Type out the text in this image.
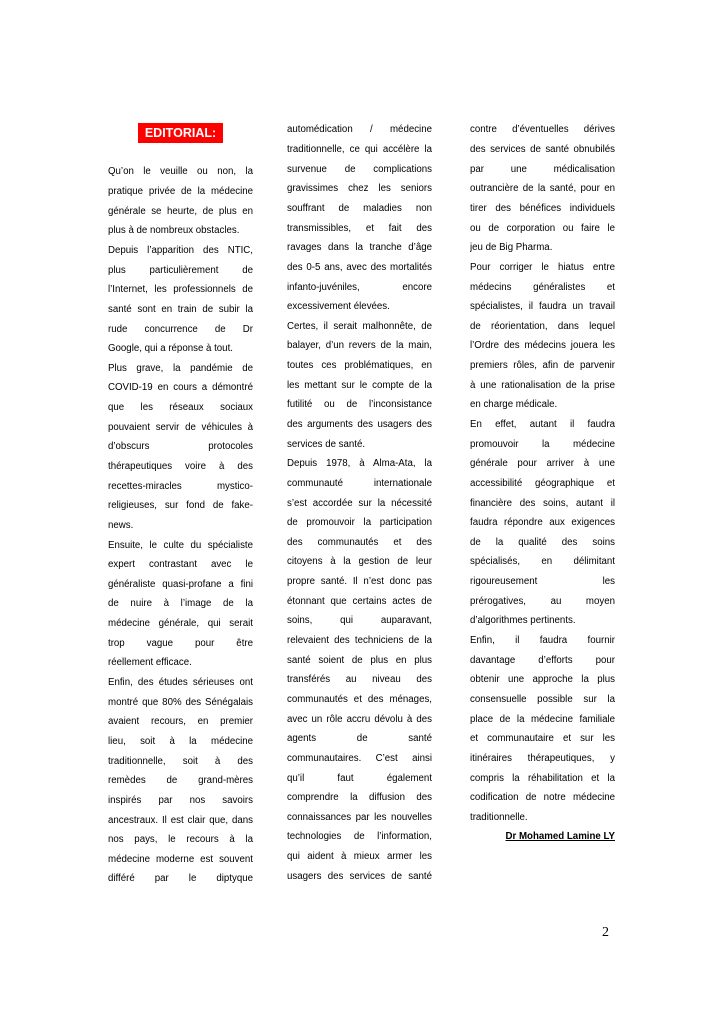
EDITORIAL:
Qu’on le veuille ou non, la
pratique privée de la médecine
générale se heurte, de plus en
plus à de nombreux obstacles.
Depuis l’apparition des NTIC,
plus particulièrement de
l’Internet, les professionnels de
santé sont en train de subir la
rude concurrence de Dr
Google, qui a réponse à tout.
Plus grave, la pandémie de
COVID-19 en cours a démontré
que les réseaux sociaux
pouvaient servir de véhicules à
d’obscurs protocoles
thérapeutiques voire à des
recettes-miracles mystico-
religieuses, sur fond de fake-
news.
Ensuite, le culte du spécialiste
expert contrastant avec le
généraliste quasi-profane a fini
de nuire à l’image de la
médecine générale, qui serait
trop vague pour être
réellement efficace.
Enfin, des études sérieuses ont
montré que 80% des Sénégalais
avaient recours, en premier
lieu, soit à la médecine
traditionnelle, soit à des
remèdes de grand-mères
inspirés par nos savoirs
ancestraux. Il est clair que, dans
nos pays, le recours à la
médecine moderne est souvent
différé par le diptyque
automédication / médecine
traditionnelle, ce qui accélère la
survenue de complications
gravissimes chez les seniors
souffrant de maladies non
transmissibles, et fait des
ravages dans la tranche d’âge
des 0-5 ans, avec des mortalités
infanto-juvéniles, encore
excessivement élevées.
Certes, il serait malhonnête, de
balayer, d’un revers de la main,
toutes ces problématiques, en
les mettant sur le compte de la
futilité ou de l’inconsistance
des arguments des usagers des
services de santé.
Depuis 1978, à Alma-Ata, la
communauté internationale
s’est accordée sur la nécessité
de promouvoir la participation
des communautés et des
citoyens à la gestion de leur
propre santé. Il n’est donc pas
étonnant que certains actes de
soins, qui auparavant,
relevaient des techniciens de la
santé soient de plus en plus
transférés au niveau des
communautés et des ménages,
avec un rôle accru dévolu à des
agents de santé
communautaires. C’est ainsi
qu’il faut également
comprendre la diffusion des
connaissances par les nouvelles
technologies de l’information,
qui aident à mieux armer les
usagers des services de santé
contre d’éventuelles dérives
des services de santé obnubilés
par une médicalisation
outrancière de la santé, pour en
tirer des bénéfices individuels
ou de corporation ou faire le
jeu de Big Pharma.
Pour corriger le hiatus entre
médecins généralistes et
spécialistes, il faudra un travail
de réorientation, dans lequel
l’Ordre des médecins jouera les
premiers rôles, afin de parvenir
à une rationalisation de la prise
en charge médicale.
En effet, autant il faudra
promouvoir la médecine
générale pour arriver à une
accessibilité géographique et
financière des soins, autant il
faudra répondre aux exigences
de la qualité des soins
spécialisés, en délimitant
rigoureusement les
prérogatives, au moyen
d’algorithmes pertinents.
Enfin, il faudra fournir
davantage d’efforts pour
obtenir une approche la plus
consensuelle possible sur la
place de la médecine familiale
et communautaire et sur les
itinéraires thérapeutiques, y
compris la réhabilitation et la
codification de notre médecine
traditionnelle.
Dr Mohamed Lamine LY
2
